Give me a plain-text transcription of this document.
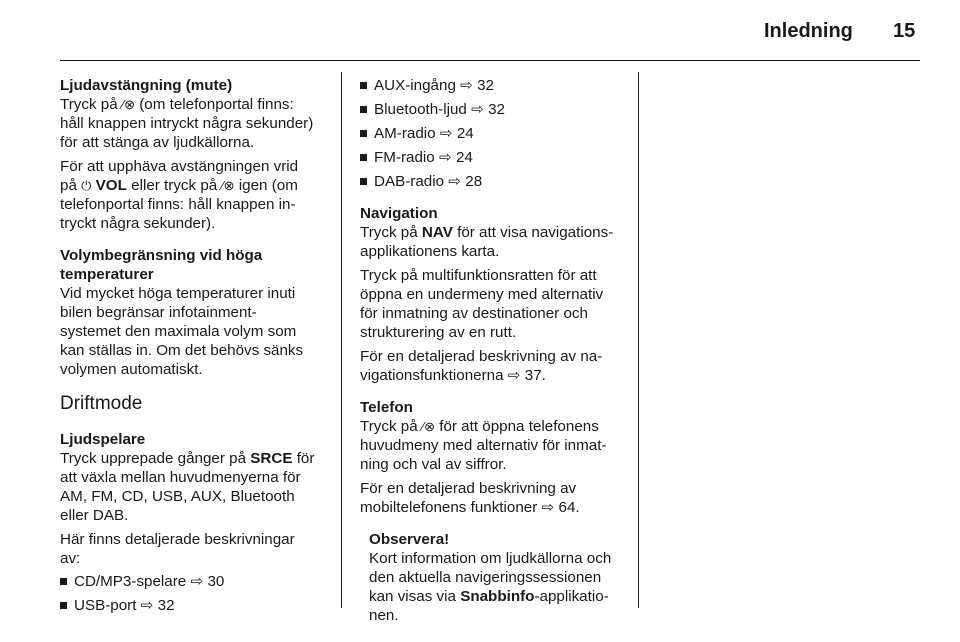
Inledning 15

Ljudavstängning (mute)

Tryck på ⁄⊗ (om telefonportal finns:
håll knappen intryckt några sekunder)
för att stänga av ljudkällorna.

För att upphäva avstängningen vrid
på ⏻ VOL eller tryck på ⁄⊗ igen (om
telefonportal finns: håll knappen in-
tryckt några sekunder).

Volymbegränsning vid höga
temperaturer

Vid mycket höga temperaturer inuti
bilen begränsar infotainment-
systemet den maximala volym som
kan ställas in. Om det behövs sänks
volymen automatiskt.

Driftmode

Ljudspelare

Tryck upprepade gånger på SRCE för
att växla mellan huvudmenyerna för
AM, FM, CD, USB, AUX, Bluetooth
eller DAB.

Här finns detaljerade beskrivningar
av:

CD/MP3-spelare ⇨ 30
USB-port ⇨ 32
AUX-ingång ⇨ 32
Bluetooth-ljud ⇨ 32
AM-radio ⇨ 24
FM-radio ⇨ 24
DAB-radio ⇨ 28

Navigation

Tryck på NAV för att visa navigations-
applikationens karta.

Tryck på multifunktionsratten för att
öppna en undermeny med alternativ
för inmatning av destinationer och
strukturering av en rutt.

För en detaljerad beskrivning av na-
vigationsfunktionerna ⇨ 37.

Telefon

Tryck på ⁄⊗ för att öppna telefonens
huvudmeny med alternativ för inmat-
ning och val av siffror.

För en detaljerad beskrivning av
mobiltelefonens funktioner ⇨ 64.

Observera!

Kort information om ljudkällorna och
den aktuella navigeringssessionen
kan visas via Snabbinfo-applikatio-
nen.
